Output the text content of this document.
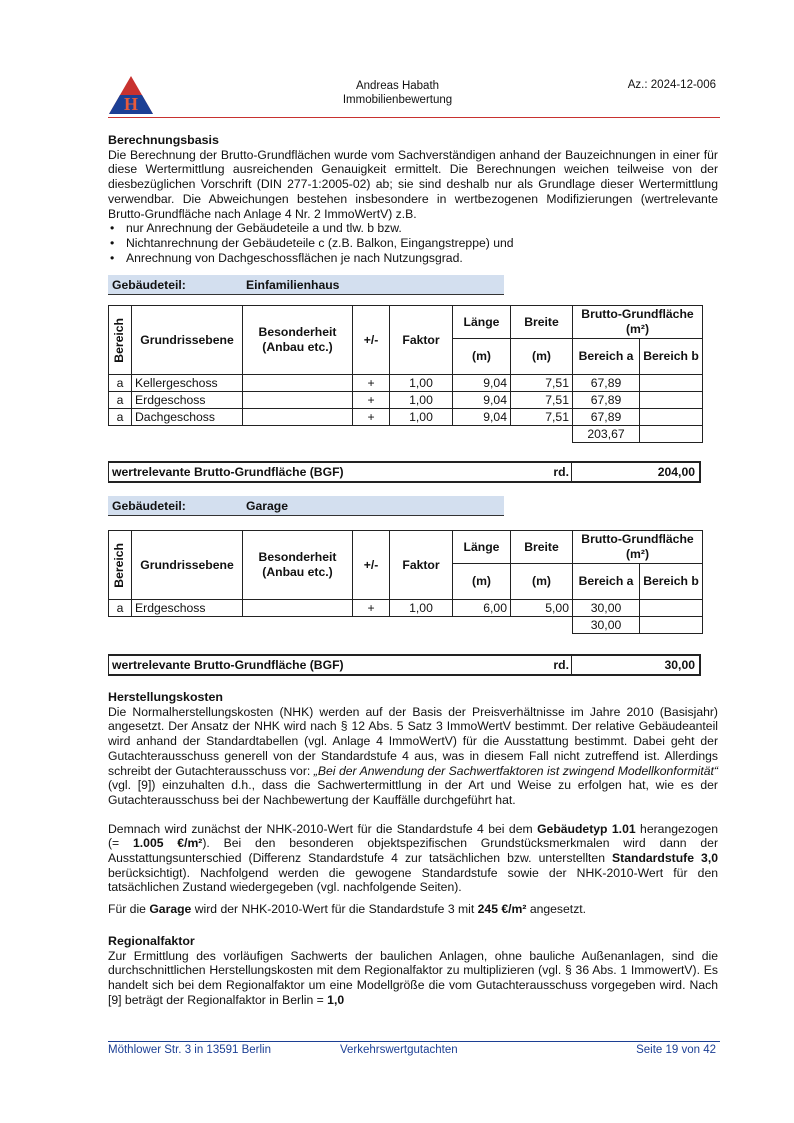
H
Andreas Habath
Immobilienbewertung
Az.: 2024-12-006
Berechnungsbasis
Die Berechnung der Brutto-Grundflächen wurde vom Sachverständigen anhand der Bauzeichnungen in einer für diese Wertermittlung ausreichenden Genauigkeit ermittelt. Die Berechnungen weichen teilweise von der diesbezüglichen Vorschrift (DIN 277-1:2005-02) ab; sie sind deshalb nur als Grundlage dieser Wertermittlung verwendbar. Die Abweichungen bestehen insbesondere in wertbezogenen Modifizierungen (wertrelevante Brutto-Grundfläche nach Anlage 4 Nr. 2 ImmoWertV) z.B.
• nur Anrechnung der Gebäudeteile a und tlw. b bzw.
• Nichtanrechnung der Gebäudeteile c (z.B. Balkon, Eingangstreppe) und
• Anrechnung von Dachgeschossflächen je nach Nutzungsgrad.
Gebäudeteil:	Einfamilienhaus
Bereich	Grundrissebene	Besonderheit (Anbau etc.)	+/-	Faktor	Länge	Breite	Brutto-Grundfläche (m²)	
					(m)	(m)	Bereich a	Bereich b
a	Kellergeschoss		+	1,00	9,04	7,51	67,89	
a	Erdgeschoss		+	1,00	9,04	7,51	67,89	
a	Dachgeschoss		+	1,00	9,04	7,51	67,89	
							203,67	
wertrelevante Brutto-Grundfläche (BGF)	rd.	204,00
Gebäudeteil:	Garage
Bereich	Grundrissebene	Besonderheit (Anbau etc.)	+/-	Faktor	Länge	Breite	Brutto-Grundfläche (m²)	
					(m)	(m)	Bereich a	Bereich b
a	Erdgeschoss		+	1,00	6,00	5,00	30,00	
							30,00	
wertrelevante Brutto-Grundfläche (BGF)	rd.	30,00
Herstellungskosten
Die Normalherstellungskosten (NHK) werden auf der Basis der Preisverhältnisse im Jahre 2010 (Basisjahr) angesetzt. Der Ansatz der NHK wird nach § 12 Abs. 5 Satz 3 ImmoWertV bestimmt. Der relative Gebäudeanteil wird anhand der Standardtabellen (vgl. Anlage 4 ImmoWertV) für die Ausstattung bestimmt. Dabei geht der Gutachterausschuss generell von der Standardstufe 4 aus, was in diesem Fall nicht zutreffend ist. Allerdings schreibt der Gutachterausschuss vor: „Bei der Anwendung der Sachwertfaktoren ist zwingend Modellkonformität“ (vgl. [9]) einzuhalten d.h., dass die Sachwertermittlung in der Art und Weise zu erfolgen hat, wie es der Gutachterausschuss bei der Nachbewertung der Kauffälle durchgeführt hat.
Demnach wird zunächst der NHK-2010-Wert für die Standardstufe 4 bei dem Gebäudetyp 1.01 herangezogen (= 1.005 €/m²). Bei den besonderen objektspezifischen Grundstücksmerkmalen wird dann der Ausstattungsunterschied (Differenz Standardstufe 4 zur tatsächlichen bzw. unterstellten Standardstufe 3,0 berücksichtigt). Nachfolgend werden die gewogene Standardstufe sowie der NHK-2010-Wert für den tatsächlichen Zustand wiedergegeben (vgl. nachfolgende Seiten).
Für die Garage wird der NHK-2010-Wert für die Standardstufe 3 mit 245 €/m² angesetzt.
Regionalfaktor
Zur Ermittlung des vorläufigen Sachwerts der baulichen Anlagen, ohne bauliche Außenanlagen, sind die durchschnittlichen Herstellungskosten mit dem Regionalfaktor zu multiplizieren (vgl. § 36 Abs. 1 ImmowertV). Es handelt sich bei dem Regionalfaktor um eine Modellgröße die vom Gutachterausschuss vorgegeben wird. Nach [9] beträgt der Regionalfaktor in Berlin = 1,0
Möthlower Str. 3 in 13591 Berlin	Verkehrswertgutachten	Seite 19 von 42
